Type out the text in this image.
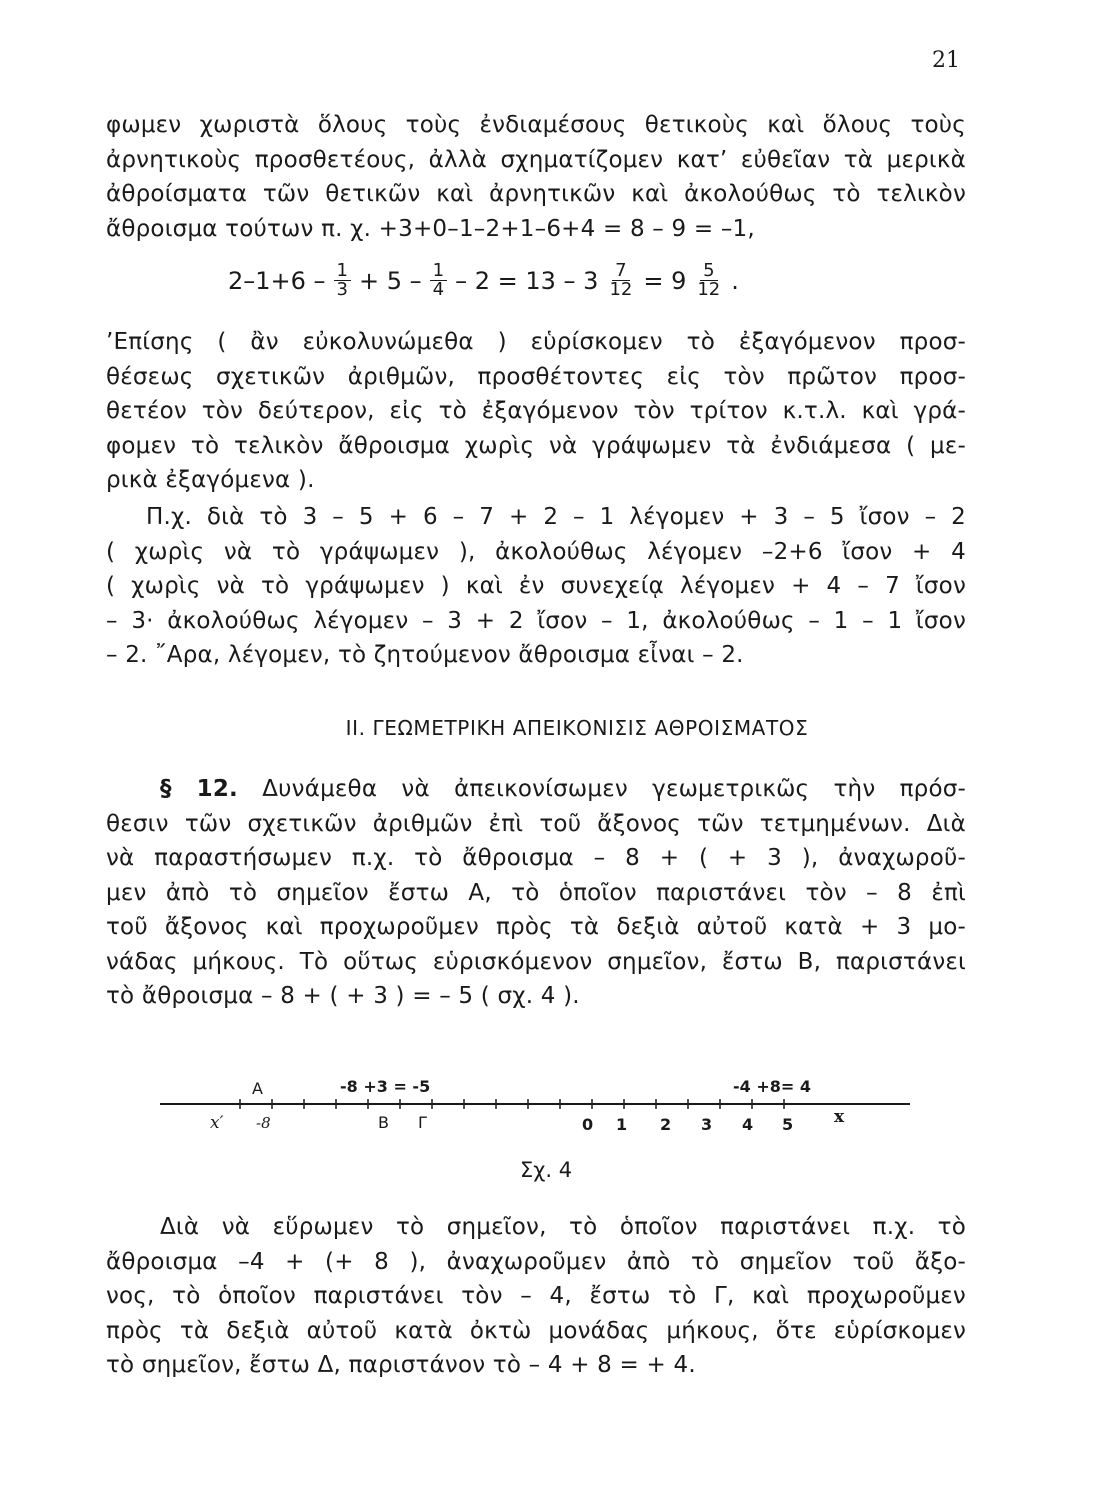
21
φωμεν χωριστὰ ὅλους τοὺς ἐνδιαμέσους θετικοὺς καὶ ὅλους τοὺς
ἀρνητικοὺς προσθετέους, ἀλλὰ σχηματίζομεν κατ’ εὐθεῖαν τὰ μερικὰ
ἀθροίσματα τῶν θετικῶν καὶ ἀρνητικῶν καὶ ἀκολούθως τὸ τελικὸν
ἄθροισμα τούτων π. χ. +3+0–1–2+1–6+4 = 8 – 9 = –1,
$2-1+6 - \frac{1}{3} + 5 - \frac{1}{4} - 2 = 13 - 3 \frac{7}{12} = 9 \frac{5}{12}$ .
’Επίσης ( ἂν εὐκολυνώμεθα ) εὑρίσκομεν τὸ ἐξαγόμενον προσ-
θέσεως σχετικῶν ἀριθμῶν, προσθέτοντες εἰς τὸν πρῶτον προσ-
θετέον τὸν δεύτερον, εἰς τὸ ἐξαγόμενον τὸν τρίτον κ.τ.λ. καὶ γρά-
φομεν τὸ τελικὸν ἄθροισμα χωρὶς νὰ γράψωμεν τὰ ἐνδιάμεσα ( με-
ρικὰ ἐξαγόμενα ).
Π.χ. διὰ τὸ 3 – 5 + 6 – 7 + 2 – 1 λέγομεν + 3 – 5 ἴσον – 2
( χωρὶς νὰ τὸ γράψωμεν ), ἀκολούθως λέγομεν –2+6 ἴσον + 4
( χωρὶς νὰ τὸ γράψωμεν ) καὶ ἐν συνεχείᾳ λέγομεν + 4 – 7 ἴσον
– 3· ἀκολούθως λέγομεν – 3 + 2 ἴσον – 1, ἀκολούθως – 1 – 1 ἴσον
– 2. ῎Αρα, λέγομεν, τὸ ζητούμενον ἄθροισμα εἶναι – 2.
ΙΙ. ΓΕΩΜΕΤΡΙΚΗ ΑΠΕΙΚΟΝΙΣΙΣ ΑΘΡΟΙΣΜΑΤΟΣ
§ 12. Δυνάμεθα νὰ ἀπεικονίσωμεν γεωμετρικῶς τὴν πρόσ-
θεσιν τῶν σχετικῶν ἀριθμῶν ἐπὶ τοῦ ἄξονος τῶν τετμημένων. Διὰ
νὰ παραστήσωμεν π.χ. τὸ ἄθροισμα – 8 + ( + 3 ), ἀναχωροῦ-
μεν ἀπὸ τὸ σημεῖον ἔστω Α, τὸ ὁποῖον παριστάνει τὸν – 8 ἐπὶ
τοῦ ἄξονος καὶ προχωροῦμεν πρὸς τὰ δεξιὰ αὐτοῦ κατὰ + 3 μο-
νάδας μήκους. Τὸ οὕτως εὑρισκόμενον σημεῖον, ἔστω Β, παριστάνει
τὸ ἄθροισμα – 8 + ( + 3 ) = – 5 ( σχ. 4 ).
A	-8 +3 = -5	-4 +8= 4
x′ -8	B Γ	0 1 2 3 4 5 x
Σχ. 4
Διὰ νὰ εὕρωμεν τὸ σημεῖον, τὸ ὁποῖον παριστάνει π.χ. τὸ
ἄθροισμα –4 + (+ 8 ), ἀναχωροῦμεν ἀπὸ τὸ σημεῖον τοῦ ἄξο-
νος, τὸ ὁποῖον παριστάνει τὸν – 4, ἔστω τὸ Γ, καὶ προχωροῦμεν
πρὸς τὰ δεξιὰ αὐτοῦ κατὰ ὀκτὼ μονάδας μήκους, ὅτε εὑρίσκομεν
τὸ σημεῖον, ἔστω Δ, παριστάνον τὸ – 4 + 8 = + 4.
